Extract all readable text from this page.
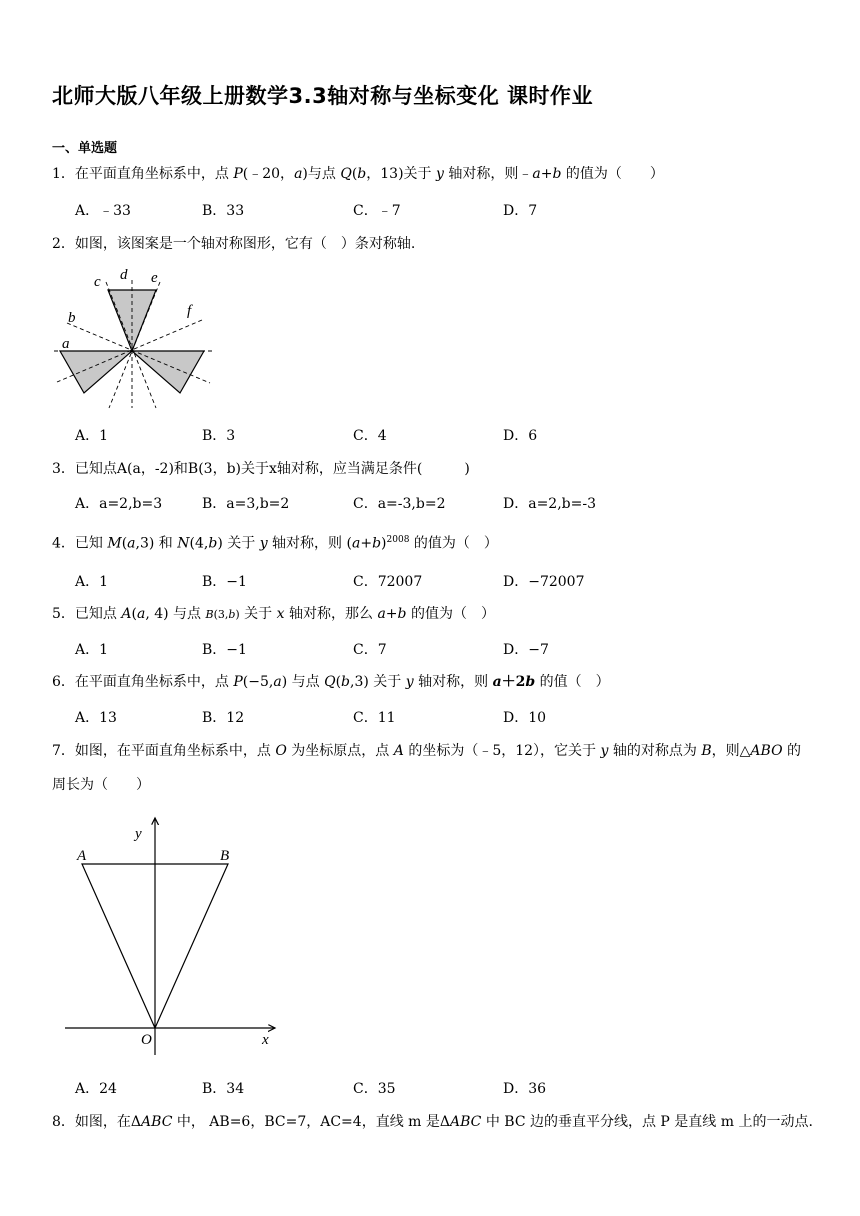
北师大版八年级上册数学3.3轴对称与坐标变化 课时作业
一、单选题
1．在平面直角坐标系中，点 P(﹣20，a)与点 Q(b，13)关于 y 轴对称，则﹣a+b 的值为（　　）
A．﹣33	B．33	C．﹣7	D．7
2．如图，该图案是一个轴对称图形，它有（　）条对称轴.
a
b
c d e
f
A．1	B．3	C．4	D．6
3．已知点A(a，-2)和B(3，b)关于x轴对称，应当满足条件(　　　)
A．a=2,b=3	B．a=3,b=2	C．a=-3,b=2	D．a=2,b=-3
4．已知 M(a,3) 和 N(4,b) 关于 y 轴对称，则 $(a+b)^{2008}$ 的值为（　）
A．1	B．−1	C．72007	D．−72007
5．已知点 A(a, 4) 与点 B(3,b) 关于 x 轴对称，那么 a+b 的值为（　）
A．1	B．−1	C．7	D．−7
6．在平面直角坐标系中，点 P(−5,a) 与点 Q(b,3) 关于 y 轴对称，则 a＋2b 的值（　）
A．13	B．12	C．11	D．10
7．如图，在平面直角坐标系中，点 O 为坐标原点，点 A 的坐标为（﹣5，12），它关于 y 轴的对称点为 B，则△ABO 的周长为（　　）
y
A	B
O	x
A．24	B．34	C．35	D．36
8．如图，在ΔABC 中， AB=6，BC=7，AC=4，直线 m 是ΔABC 中 BC 边的垂直平分线，点 P 是直线 m 上的一动点.
